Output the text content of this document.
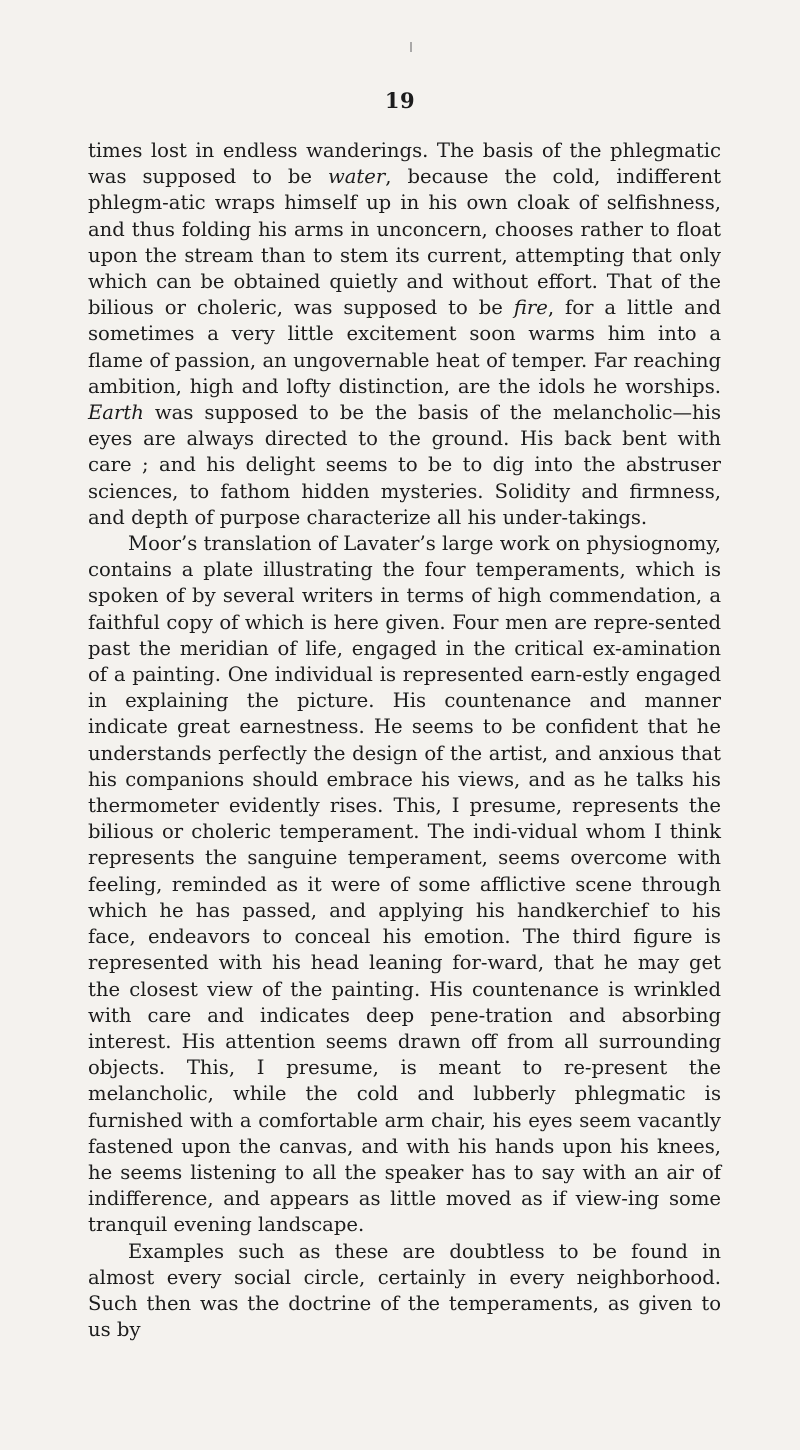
19

times lost in endless wanderings. The basis of the phlegmatic was supposed to be water, because the cold, indifferent phlegm-atic wraps himself up in his own cloak of selfishness, and thus folding his arms in unconcern, chooses rather to float upon the stream than to stem its current, attempting that only which can be obtained quietly and without effort. That of the bilious or choleric, was supposed to be fire, for a little and sometimes a very little excitement soon warms him into a flame of passion, an ungovernable heat of temper. Far reaching ambition, high and lofty distinction, are the idols he worships. Earth was supposed to be the basis of the melancholic—his eyes are always directed to the ground. His back bent with care ; and his delight seems to be to dig into the abstruser sciences, to fathom hidden mysteries. Solidity and firmness, and depth of purpose characterize all his under-takings.

Moor’s translation of Lavater’s large work on physiognomy, contains a plate illustrating the four temperaments, which is spoken of by several writers in terms of high commendation, a faithful copy of which is here given. Four men are repre-sented past the meridian of life, engaged in the critical ex-amination of a painting. One individual is represented earn-estly engaged in explaining the picture. His countenance and manner indicate great earnestness. He seems to be confident that he understands perfectly the design of the artist, and anxious that his companions should embrace his views, and as he talks his thermometer evidently rises. This, I presume, represents the bilious or choleric temperament. The indi-vidual whom I think represents the sanguine temperament, seems overcome with feeling, reminded as it were of some afflictive scene through which he has passed, and applying his handkerchief to his face, endeavors to conceal his emotion. The third figure is represented with his head leaning for-ward, that he may get the closest view of the painting. His countenance is wrinkled with care and indicates deep pene-tration and absorbing interest. His attention seems drawn off from all surrounding objects. This, I presume, is meant to re-present the melancholic, while the cold and lubberly phlegmatic is furnished with a comfortable arm chair, his eyes seem vacantly fastened upon the canvas, and with his hands upon his knees, he seems listening to all the speaker has to say with an air of indifference, and appears as little moved as if view-ing some tranquil evening landscape.

Examples such as these are doubtless to be found in almost every social circle, certainly in every neighborhood. Such then was the doctrine of the temperaments, as given to us by
